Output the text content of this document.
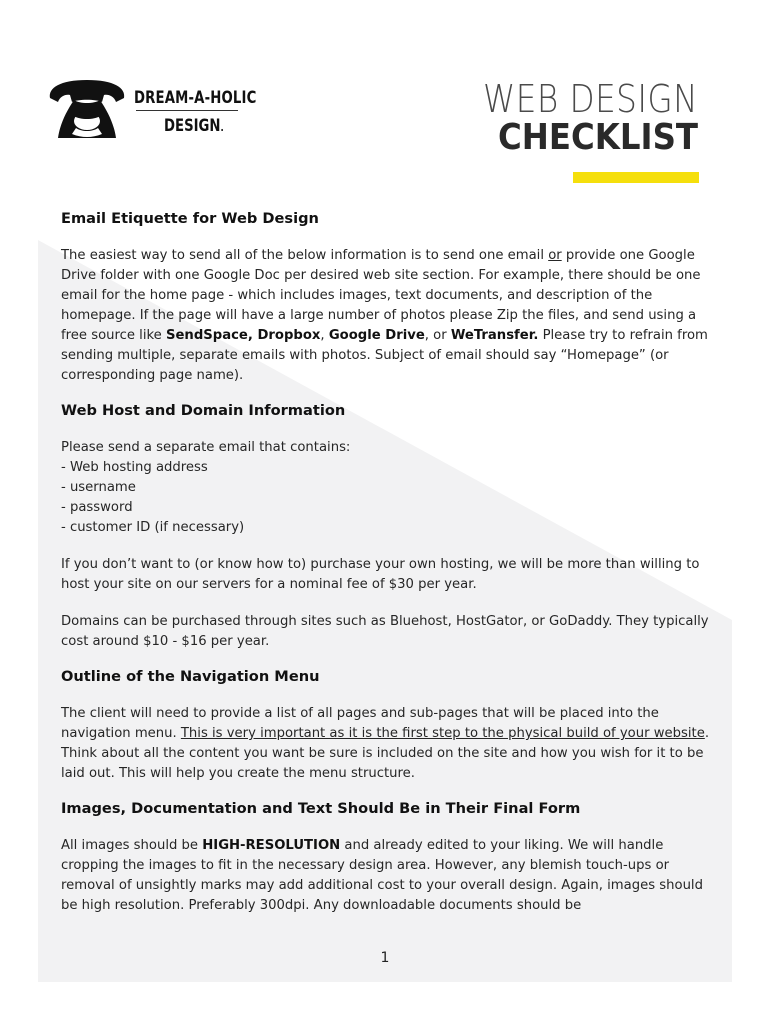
DREAM-A-HOLIC
DESIGN.
WEB DESIGN
CHECKLIST
Email Etiquette for Web Design

The easiest way to send all of the below information is to send one email or provide one Google Drive folder with one Google Doc per desired web site section. For example, there should be one email for the home page - which includes images, text documents, and description of the homepage. If the page will have a large number of photos please Zip the files, and send using a free source like SendSpace, Dropbox, Google Drive, or WeTransfer. Please try to refrain from sending multiple, separate emails with photos. Subject of email should say “Homepage” (or corresponding page name).

Web Host and Domain Information

Please send a separate email that contains:
- Web hosting address
- username
- password
- customer ID (if necessary)

If you don’t want to (or know how to) purchase your own hosting, we will be more than willing to host your site on our servers for a nominal fee of $30 per year.

Domains can be purchased through sites such as Bluehost, HostGator, or GoDaddy. They typically cost around $10 - $16 per year.

Outline of the Navigation Menu

The client will need to provide a list of all pages and sub-pages that will be placed into the navigation menu. This is very important as it is the first step to the physical build of your website. Think about all the content you want be sure is included on the site and how you wish for it to be laid out. This will help you create the menu structure.

Images, Documentation and Text Should Be in Their Final Form

All images should be HIGH-RESOLUTION and already edited to your liking. We will handle cropping the images to fit in the necessary design area. However, any blemish touch-ups or removal of unsightly marks may add additional cost to your overall design. Again, images should be high resolution. Preferably 300dpi. Any downloadable documents should be

1
